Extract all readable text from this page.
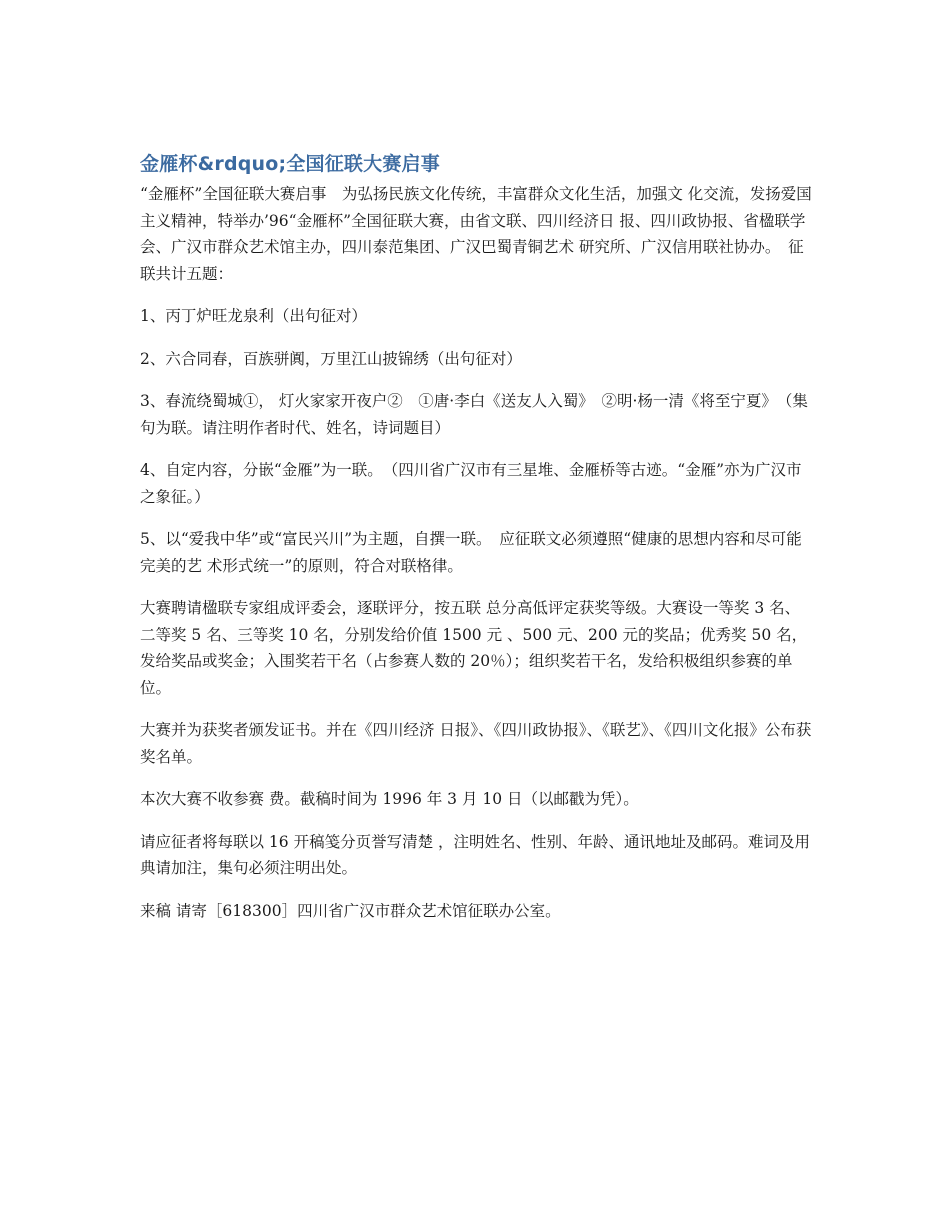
金雁杯&rdquo;全国征联大赛启事

“金雁杯”全国征联大赛启事　为弘扬民族文化传统，丰富群众文化生活，加强文 化交流，发扬爱国主义精神，特举办’96“金雁杯”全国征联大赛，由省文联、四川经济日 报、四川政协报、省楹联学会、广汉市群众艺术馆主办，四川泰范集团、广汉巴蜀青铜艺术 研究所、广汉信用联社协办。　征联共计五题：

1、丙丁炉旺龙泉利（出句征对）

2、六合同春，百族骈阗，万里江山披锦绣（出句征对）

3、春流绕蜀城①， 灯火家家开夜户②　①唐·李白《送友人入蜀》　②明·杨一清《将至宁夏》　（集句为联。请注明作者时代、姓名，诗词题目）

4、自定内容，分嵌“金雁”为一联。　（四川省广汉市有三星堆、金雁桥等古迹。“金雁”亦为广汉市之象征。）

5、以“爱我中华”或“富民兴川”为主题，自撰一联。　应征联文必须遵照“健康的思想内容和尽可能完美的艺 术形式统一”的原则，符合对联格律。

大赛聘请楹联专家组成评委会，逐联评分，按五联 总分高低评定获奖等级。大赛设一等奖 3 名、二等奖 5 名、三等奖 10 名，分别发给价值 1500 元 、500 元、200 元的奖品；优秀奖 50 名，发给奖品或奖金；入围奖若干名（占参赛人数的 20％）；组织奖若干名，发给积极组织参赛的单位。

大赛并为获奖者颁发证书。并在《四川经济 日报》、《四川政协报》、《联艺》、《四川文化报》公布获奖名单。

本次大赛不收参赛 费。截稿时间为 1996 年 3 月 10 日（以邮戳为凭）。

请应征者将每联以 16 开稿笺分页誉写清楚 ，注明姓名、性别、年龄、通讯地址及邮码。难词及用典请加注，集句必须注明出处。

来稿 请寄［618300］四川省广汉市群众艺术馆征联办公室。
